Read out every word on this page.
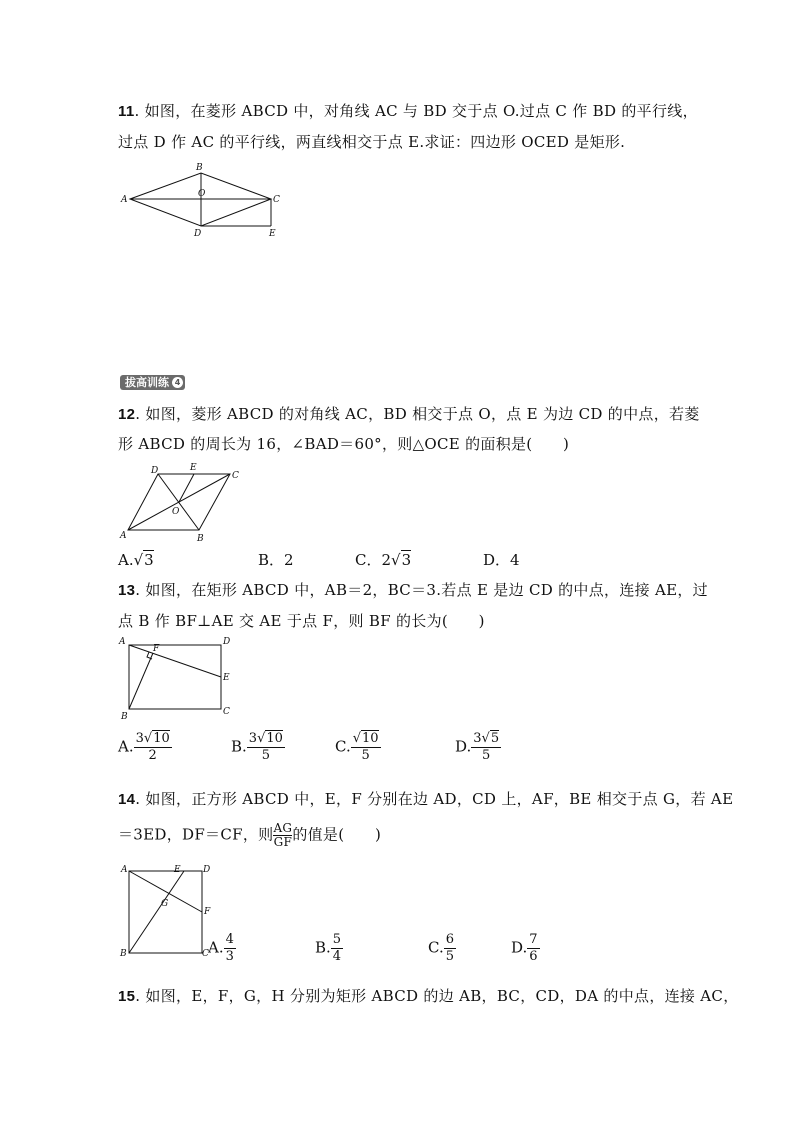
11. 如图，在菱形 ABCD 中，对角线 AC 与 BD 交于点 O.过点 C 作 BD 的平行线，
过点 D 作 AC 的平行线，两直线相交于点 E.求证：四边形 OCED 是矩形.
A
B
C
D
O
E
拔高训练 4
12. 如图，菱形 ABCD 的对角线 AC，BD 相交于点 O，点 E 为边 CD 的中点，若菱
形 ABCD 的周长为 16，∠BAD＝60°，则△OCE 的面积是(　　)
D	E
C
A	B
O
A.√3	B．2	C．2√3	D．4
13. 如图，在矩形 ABCD 中，AB＝2，BC＝3.若点 E 是边 CD 的中点，连接 AE，过
点 B 作 BF⊥AE 交 AE 于点 F，则 BF 的长为(　　)
A	D
F
E
B	C
A. $\frac{3√10}{2}$	B. $\frac{3√10}{5}$	C. $\frac{√10}{5}$	D. $\frac{3√5}{5}$
14. 如图，正方形 ABCD 中，E，F 分别在边 AD，CD 上，AF，BE 相交于点 G，若 AE
＝3ED，DF＝CF，则 $\frac{AG}{GF}$的值是(　　)
A	E D
G
F
B	C A. $\frac{4}{3}$	B. $\frac{5}{4}$	C. $\frac{6}{5}$	D. $\frac{7}{6}$
15. 如图，E，F，G，H 分别为矩形 ABCD 的边 AB，BC，CD，DA 的中点，连接 AC，
